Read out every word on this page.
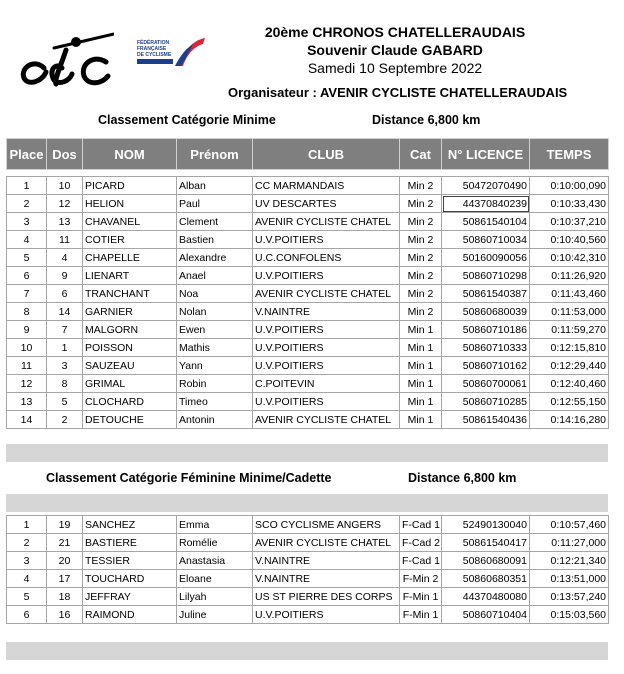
FÉDÉRATION
FRANÇAISE
DE CYCLISME
20ème CHRONOS CHATELLERAUDAIS
Souvenir Claude GABARD
Samedi 10 Septembre 2022
Organisateur : AVENIR CYCLISTE CHATELLERAUDAIS
Classement Catégorie Minime	Distance 6,800 km
Place	Dos	NOM	Prénom	CLUB	Cat	N° LICENCE	TEMPS

1	10	PICARD	Alban	CC MARMANDAIS	Min 2	50472070490	0:10:00,090
2	12	HELION	Paul	UV DESCARTES	Min 2	44370840239	0:10:33,430
3	13	CHAVANEL	Clement	AVENIR CYCLISTE CHATEL	Min 2	50861540104	0:10:37,210
4	11	COTIER	Bastien	U.V.POITIERS	Min 2	50860710034	0:10:40,560
5	4	CHAPELLE	Alexandre	U.C.CONFOLENS	Min 2	50160090056	0:10:42,310
6	9	LIENART	Anael	U.V.POITIERS	Min 2	50860710298	0:11:26,920
7	6	TRANCHANT	Noa	AVENIR CYCLISTE CHATEL	Min 2	50861540387	0:11:43,460
8	14	GARNIER	Nolan	V.NAINTRE	Min 2	50860680039	0:11:53,000
9	7	MALGORN	Ewen	U.V.POITIERS	Min 1	50860710186	0:11:59,270
10	1	POISSON	Mathis	U.V.POITIERS	Min 1	50860710333	0:12:15,810
11	3	SAUZEAU	Yann	U.V.POITIERS	Min 1	50860710162	0:12:29,440
12	8	GRIMAL	Robin	C.POITEVIN	Min 1	50860700061	0:12:40,460
13	5	CLOCHARD	Timeo	U.V.POITIERS	Min 1	50860710285	0:12:55,150
14	2	DETOUCHE	Antonin	AVENIR CYCLISTE CHATEL	Min 1	50861540436	0:14:16,280
Classement Catégorie Féminine Minime/Cadette	Distance 6,800 km
1	19	SANCHEZ	Emma	SCO CYCLISME ANGERS	F-Cad 1	52490130040	0:10:57,460
2	21	BASTIERE	Romélie	AVENIR CYCLISTE CHATEL	F-Cad 2	50861540417	0:11:27,000
3	20	TESSIER	Anastasia	V.NAINTRE	F-Cad 1	50860680091	0:12:21,340
4	17	TOUCHARD	Eloane	V.NAINTRE	F-Min 2	50860680351	0:13:51,000
5	18	JEFFRAY	Lilyah	US ST PIERRE DES CORPS	F-Min 1	44370480080	0:13:57,240
6	16	RAIMOND	Juline	U.V.POITIERS	F-Min 1	50860710404	0:15:03,560
